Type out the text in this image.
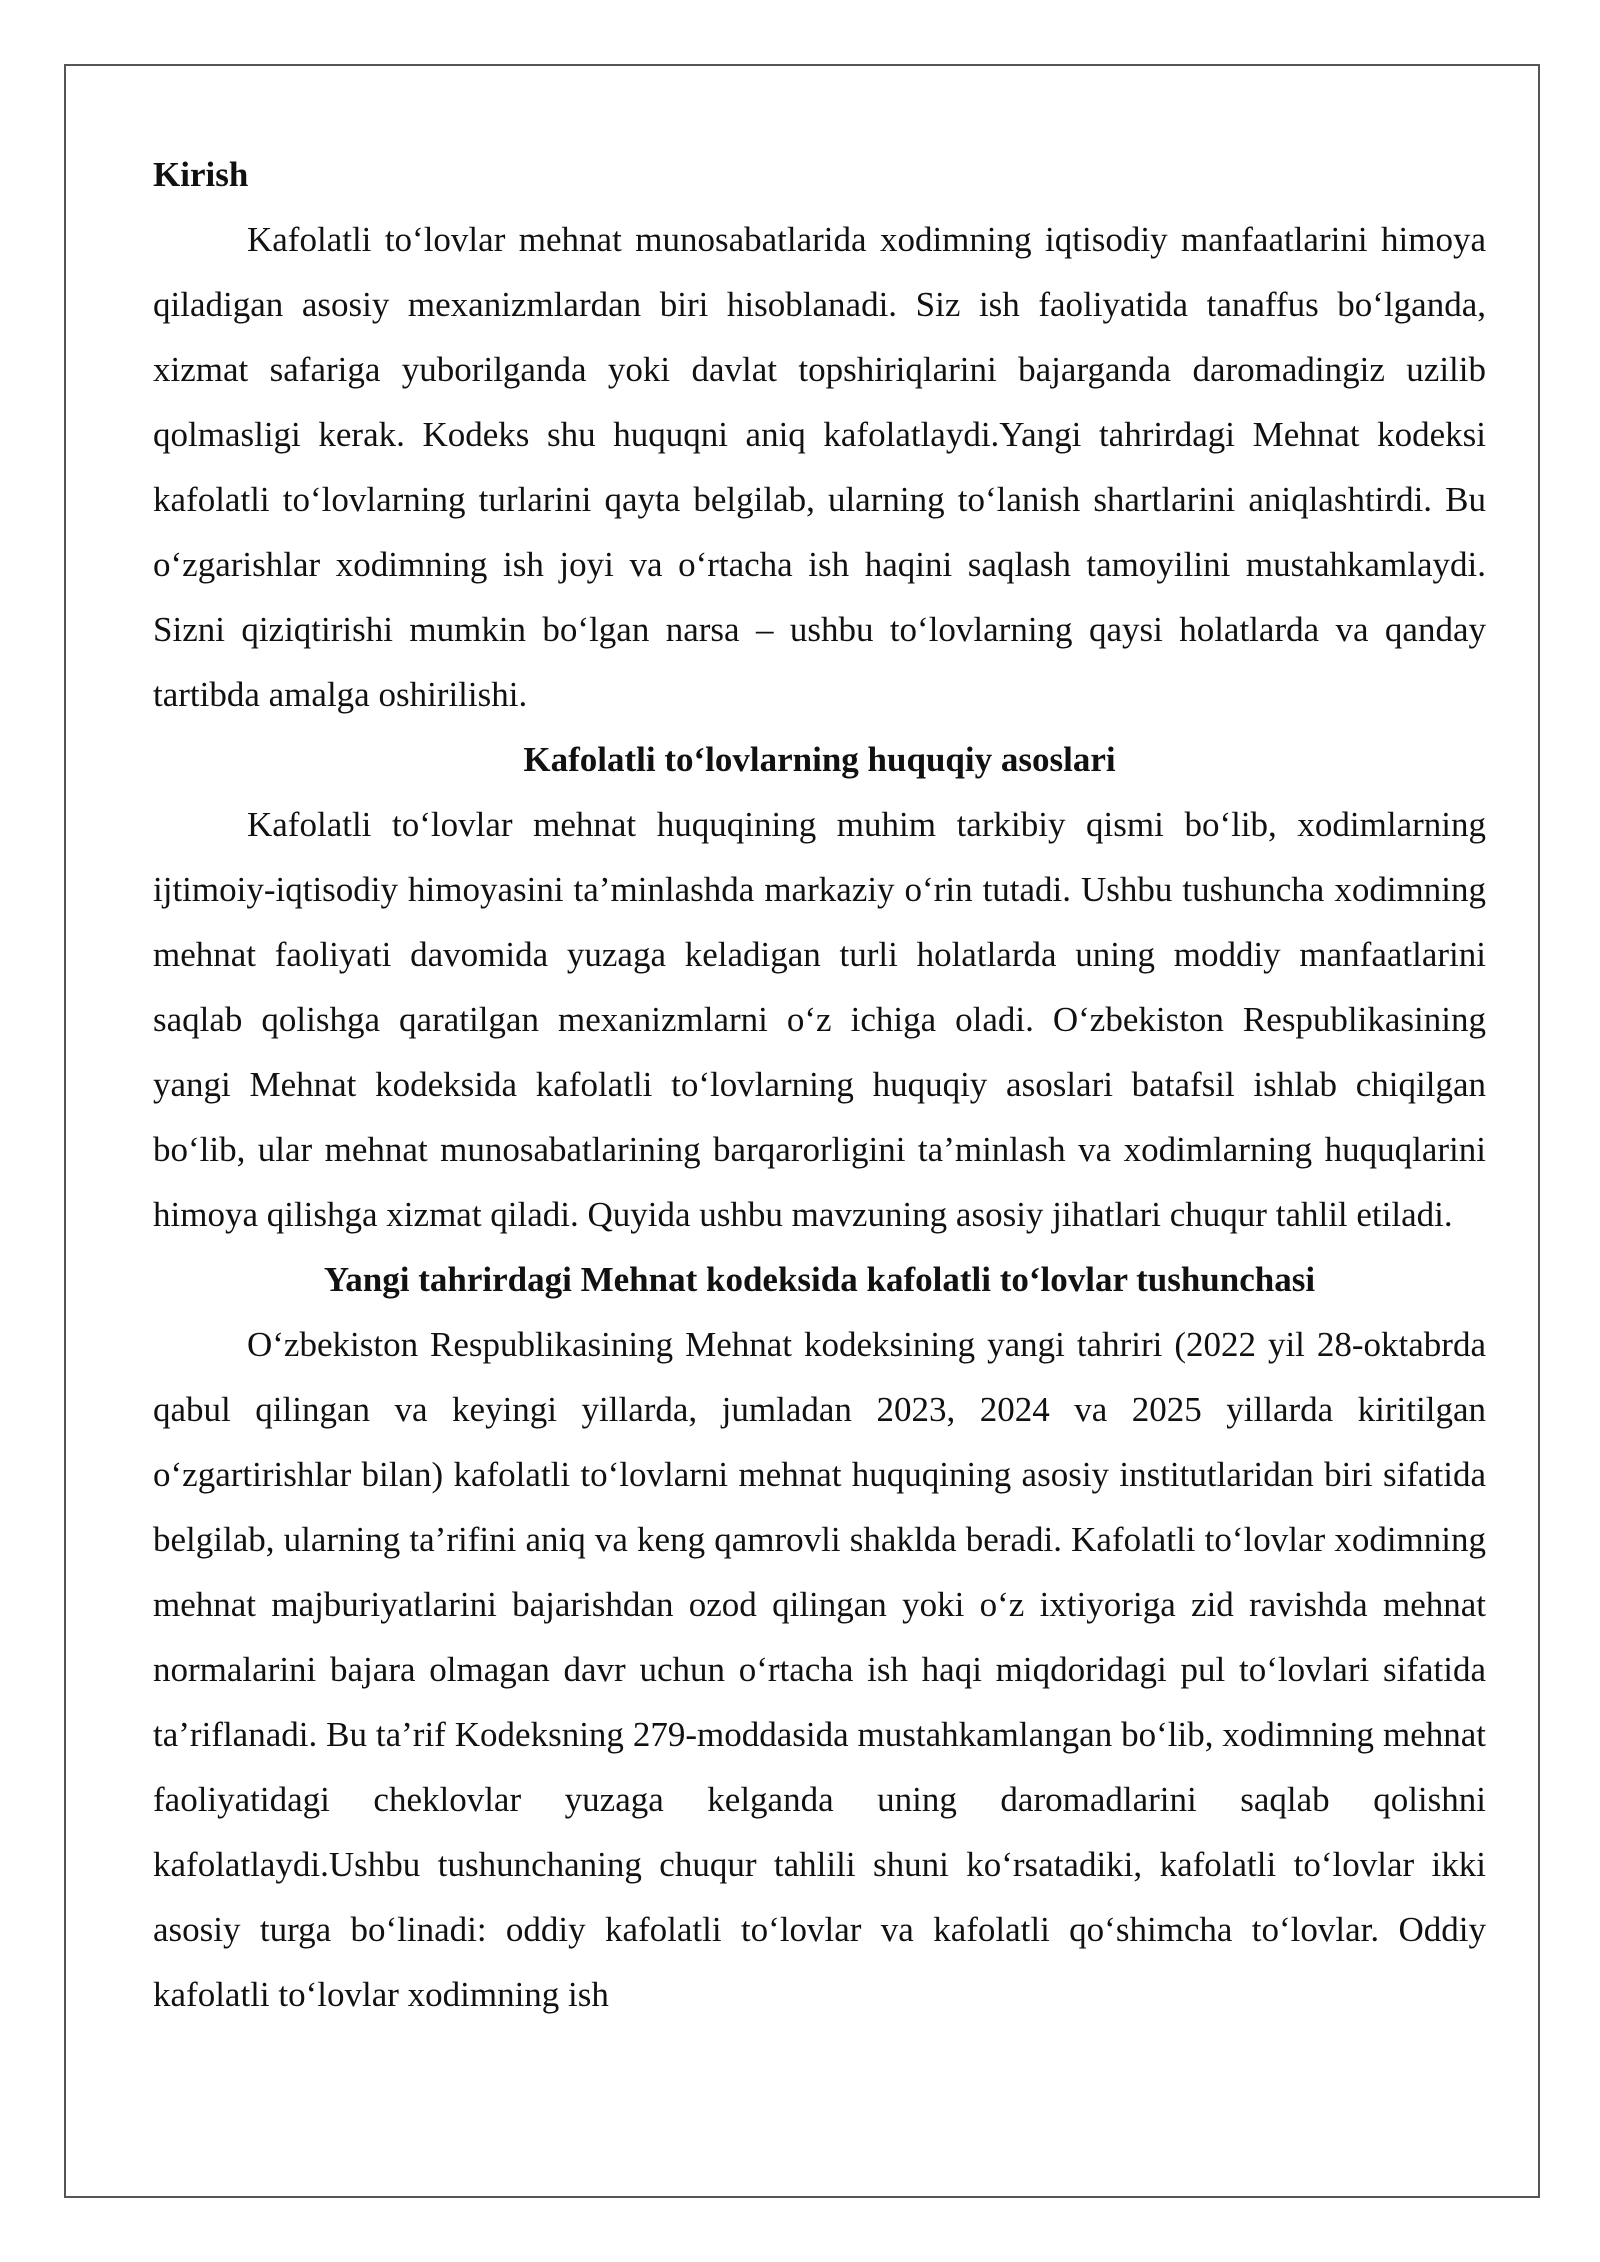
Kirish

Kafolatli to‘lovlar mehnat munosabatlarida xodimning iqtisodiy manfaatlarini himoya qiladigan asosiy mexanizmlardan biri hisoblanadi. Siz ish faoliyatida tanaffus bo‘lganda, xizmat safariga yuborilganda yoki davlat topshiriqlarini bajarganda daromadingiz uzilib qolmasligi kerak. Kodeks shu huquqni aniq kafolatlaydi.Yangi tahrirdagi Mehnat kodeksi kafolatli to‘lovlarning turlarini qayta belgilab, ularning to‘lanish shartlarini aniqlashtirdi. Bu o‘zgarishlar xodimning ish joyi va o‘rtacha ish haqini saqlash tamoyilini mustahkamlaydi. Sizni qiziqtirishi mumkin bo‘lgan narsa – ushbu to‘lovlarning qaysi holatlarda va qanday tartibda amalga oshirilishi.

Kafolatli to‘lovlarning huquqiy asoslari

Kafolatli to‘lovlar mehnat huquqining muhim tarkibiy qismi bo‘lib, xodimlarning ijtimoiy-iqtisodiy himoyasini ta’minlashda markaziy o‘rin tutadi. Ushbu tushuncha xodimning mehnat faoliyati davomida yuzaga keladigan turli holatlarda uning moddiy manfaatlarini saqlab qolishga qaratilgan mexanizmlarni o‘z ichiga oladi. O‘zbekiston Respublikasining yangi Mehnat kodeksida kafolatli to‘lovlarning huquqiy asoslari batafsil ishlab chiqilgan bo‘lib, ular mehnat munosabatlarining barqarorligini ta’minlash va xodimlarning huquqlarini himoya qilishga xizmat qiladi. Quyida ushbu mavzuning asosiy jihatlari chuqur tahlil etiladi.

Yangi tahrirdagi Mehnat kodeksida kafolatli to‘lovlar tushunchasi

O‘zbekiston Respublikasining Mehnat kodeksining yangi tahriri (2022 yil 28-oktabrda qabul qilingan va keyingi yillarda, jumladan 2023, 2024 va 2025 yillarda kiritilgan o‘zgartirishlar bilan) kafolatli to‘lovlarni mehnat huquqining asosiy institutlaridan biri sifatida belgilab, ularning ta’rifini aniq va keng qamrovli shaklda beradi. Kafolatli to‘lovlar xodimning mehnat majburiyatlarini bajarishdan ozod qilingan yoki o‘z ixtiyoriga zid ravishda mehnat normalarini bajara olmagan davr uchun o‘rtacha ish haqi miqdoridagi pul to‘lovlari sifatida ta’riflanadi. Bu ta’rif Kodeksning 279-moddasida mustahkamlangan bo‘lib, xodimning mehnat faoliyatidagi cheklovlar yuzaga kelganda uning daromadlarini saqlab qolishni kafolatlaydi.Ushbu tushunchaning chuqur tahlili shuni ko‘rsatadiki, kafolatli to‘lovlar ikki asosiy turga bo‘linadi: oddiy kafolatli to‘lovlar va kafolatli qo‘shimcha to‘lovlar. Oddiy kafolatli to‘lovlar xodimning ish
